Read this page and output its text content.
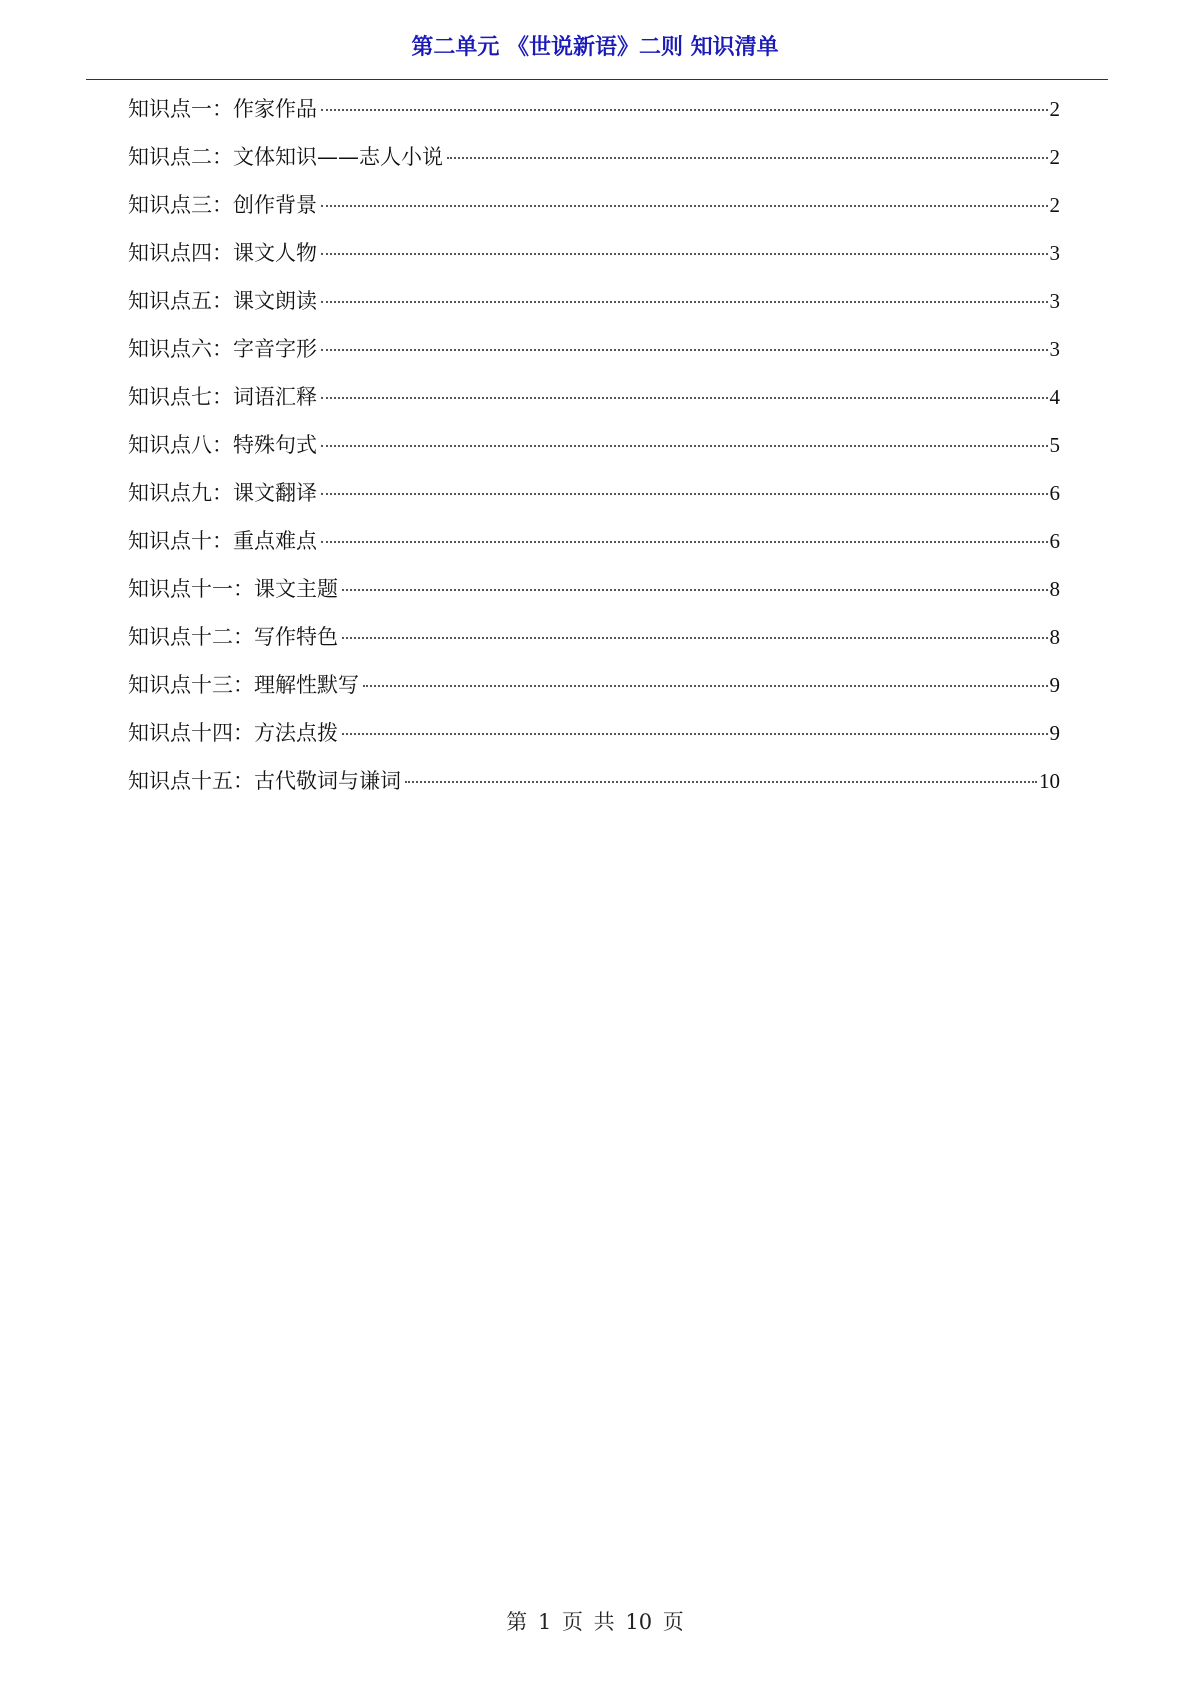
第二单元 《世说新语》二则 知识清单
知识点一：作家作品	2
知识点二：文体知识——志人小说	2
知识点三：创作背景	2
知识点四：课文人物	3
知识点五：课文朗读	3
知识点六：字音字形	3
知识点七：词语汇释	4
知识点八：特殊句式	5
知识点九：课文翻译	6
知识点十：重点难点	6
知识点十一：课文主题	8
知识点十二：写作特色	8
知识点十三：理解性默写	9
知识点十四：方法点拨	9
知识点十五：古代敬词与谦词	10
第 1 页 共 10 页
